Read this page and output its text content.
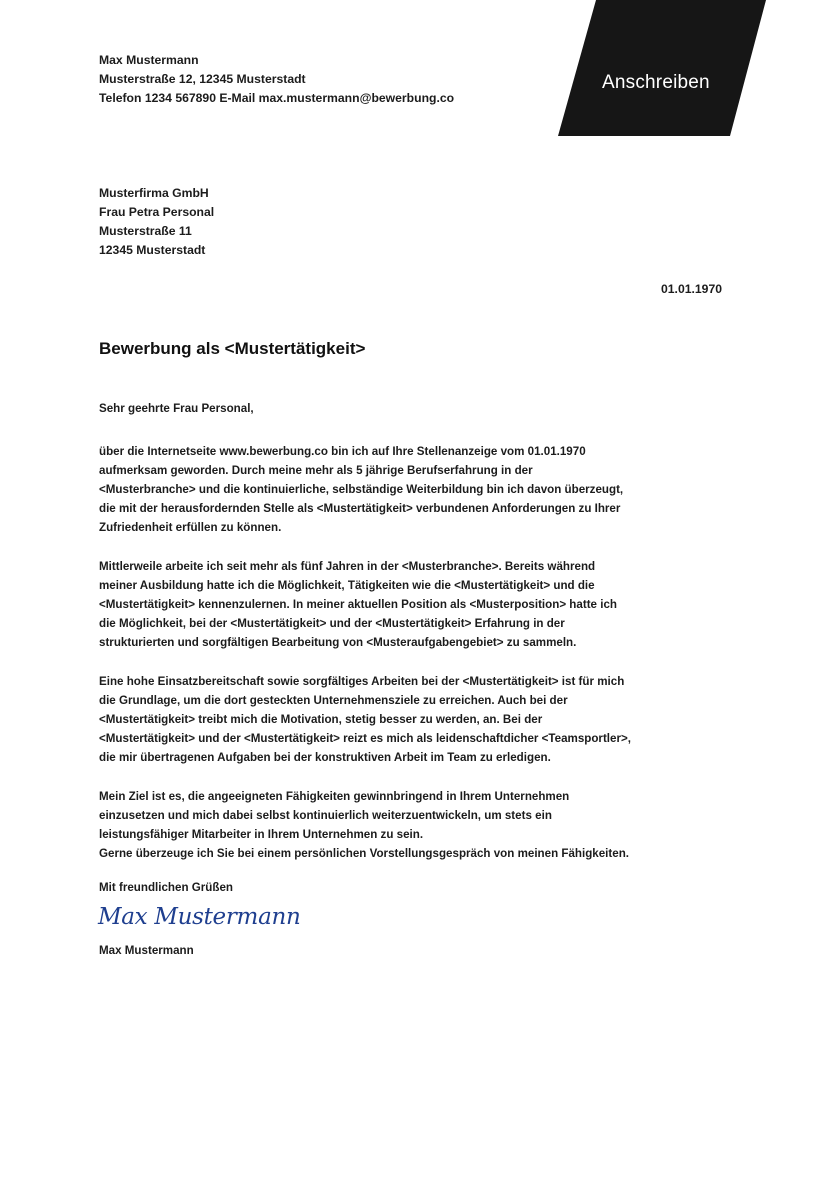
Anschreiben
Max Mustermann
Musterstraße 12, 12345 Musterstadt
Telefon 1234 567890 E-Mail max.mustermann@bewerbung.co
Musterfirma GmbH
Frau Petra Personal
Musterstraße 11
12345 Musterstadt
01.01.1970
Bewerbung als <Mustertätigkeit>
Sehr geehrte Frau Personal,
über die Internetseite www.bewerbung.co bin ich auf Ihre Stellenanzeige vom 01.01.1970
aufmerksam geworden. Durch meine mehr als 5 jährige Berufserfahrung in der
<Musterbranche> und die kontinuierliche, selbständige Weiterbildung bin ich davon überzeugt,
die mit der herausfordernden Stelle als <Mustertätigkeit> verbundenen Anforderungen zu Ihrer
Zufriedenheit erfüllen zu können.
Mittlerweile arbeite ich seit mehr als fünf Jahren in der <Musterbranche>. Bereits während
meiner Ausbildung hatte ich die Möglichkeit, Tätigkeiten wie die <Mustertätigkeit> und die
<Mustertätigkeit> kennenzulernen. In meiner aktuellen Position als <Musterposition> hatte ich
die Möglichkeit, bei der <Mustertätigkeit> und der <Mustertätigkeit> Erfahrung in der
strukturierten und sorgfältigen Bearbeitung von <Musteraufgabengebiet> zu sammeln.
Eine hohe Einsatzbereitschaft sowie sorgfältiges Arbeiten bei der <Mustertätigkeit> ist für mich
die Grundlage, um die dort gesteckten Unternehmensziele zu erreichen. Auch bei der
<Mustertätigkeit> treibt mich die Motivation, stetig besser zu werden, an. Bei der
<Mustertätigkeit> und der <Mustertätigkeit> reizt es mich als leidenschaftdicher <Teamsportler>,
die mir übertragenen Aufgaben bei der konstruktiven Arbeit im Team zu erledigen.
Mein Ziel ist es, die angeeigneten Fähigkeiten gewinnbringend in Ihrem Unternehmen
einzusetzen und mich dabei selbst kontinuierlich weiterzuentwickeln, um stets ein
leistungsfähiger Mitarbeiter in Ihrem Unternehmen zu sein.
Gerne überzeuge ich Sie bei einem persönlichen Vorstellungsgespräch von meinen Fähigkeiten.
Mit freundlichen Grüßen
Max Mustermann
Max Mustermann
